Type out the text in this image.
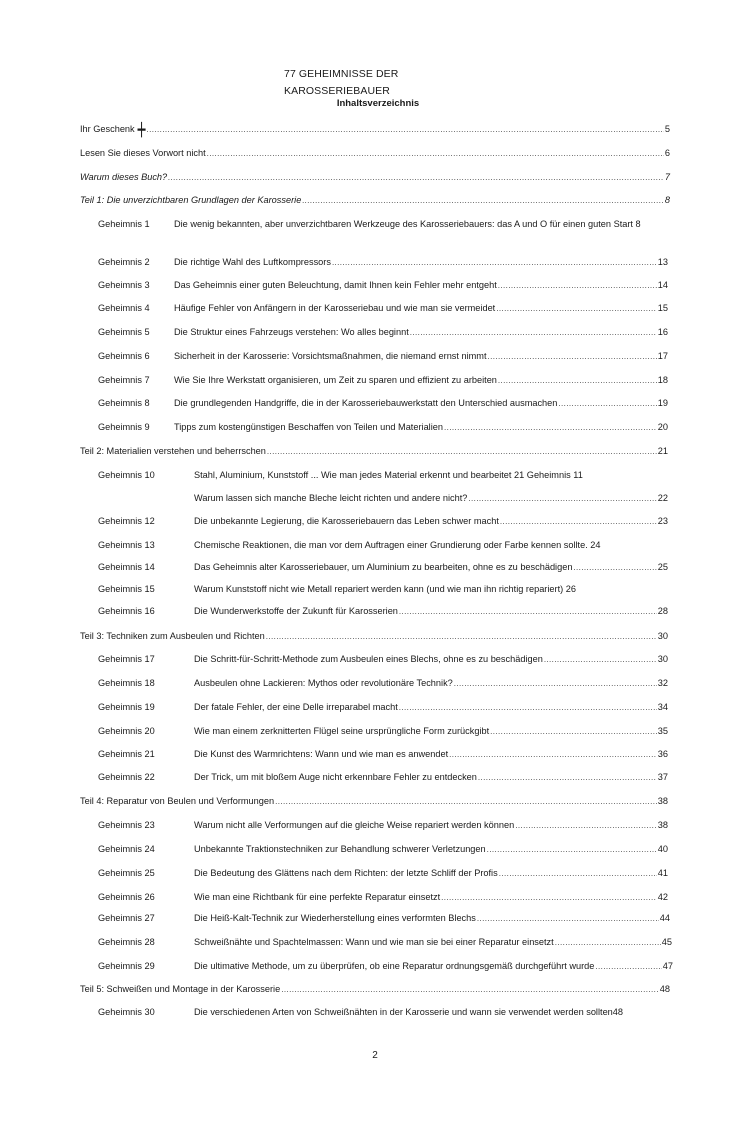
77 GEHEIMNISSE DER
KAROSSERIEBAUER
Inhaltsverzeichnis
Ihr Geschenk ┿ .....	5
Lesen Sie dieses Vorwort nicht .....	6
Warum dieses Buch? .....	7
Teil 1: Die unverzichtbaren Grundlagen der Karosserie .....	8
Geheimnis 1	Die wenig bekannten, aber unverzichtbaren Werkzeuge des Karosseriebauers: das A und O für einen guten Start 8
Geheimnis 2	Die richtige Wahl des Luftkompressors .....	13
Geheimnis 3	Das Geheimnis einer guten Beleuchtung, damit Ihnen kein Fehler mehr entgeht .....	14
Geheimnis 4	Häufige Fehler von Anfängern in der Karosseriebau und wie man sie vermeidet .....	15
Geheimnis 5	Die Struktur eines Fahrzeugs verstehen: Wo alles beginnt .....	16
Geheimnis 6	Sicherheit in der Karosserie: Vorsichtsmaßnahmen, die niemand ernst nimmt .....	17
Geheimnis 7	Wie Sie Ihre Werkstatt organisieren, um Zeit zu sparen und effizient zu arbeiten .....	18
Geheimnis 8	Die grundlegenden Handgriffe, die in der Karosseriebauwerkstatt den Unterschied ausmachen .....	19
Geheimnis 9	Tipps zum kostengünstigen Beschaffen von Teilen und Materialien .....	20
Teil 2: Materialien verstehen und beherrschen .....	21
Geheimnis 10	Stahl, Aluminium, Kunststoff ... Wie man jedes Material erkennt und bearbeitet 21 Geheimnis 11
Warum lassen sich manche Bleche leicht richten und andere nicht? .....	22
Geheimnis 12	Die unbekannte Legierung, die Karosseriebauern das Leben schwer macht .....	23
Geheimnis 13	Chemische Reaktionen, die man vor dem Auftragen einer Grundierung oder Farbe kennen sollte. 24
Geheimnis 14	Das Geheimnis alter Karosseriebauer, um Aluminium zu bearbeiten, ohne es zu beschädigen .....	25
Geheimnis 15	Warum Kunststoff nicht wie Metall repariert werden kann (und wie man ihn richtig repariert) 26
Geheimnis 16	Die Wunderwerkstoffe der Zukunft für Karosserien .....	28
Teil 3: Techniken zum Ausbeulen und Richten .....	30
Geheimnis 17	Die Schritt-für-Schritt-Methode zum Ausbeulen eines Blechs, ohne es zu beschädigen .....	30
Geheimnis 18	Ausbeulen ohne Lackieren: Mythos oder revolutionäre Technik? .....	32
Geheimnis 19	Der fatale Fehler, der eine Delle irreparabel macht .....	34
Geheimnis 20	Wie man einem zerknitterten Flügel seine ursprüngliche Form zurückgibt .....	35
Geheimnis 21	Die Kunst des Warmrichtens: Wann und wie man es anwendet .....	36
Geheimnis 22	Der Trick, um mit bloßem Auge nicht erkennbare Fehler zu entdecken .....	37
Teil 4: Reparatur von Beulen und Verformungen .....	38
Geheimnis 23	Warum nicht alle Verformungen auf die gleiche Weise repariert werden können .....	38
Geheimnis 24	Unbekannte Traktionstechniken zur Behandlung schwerer Verletzungen .....	40
Geheimnis 25	Die Bedeutung des Glättens nach dem Richten: der letzte Schliff der Profis .....	41
Geheimnis 26	Wie man eine Richtbank für eine perfekte Reparatur einsetzt .....	42
Geheimnis 27	Die Heiß-Kalt-Technik zur Wiederherstellung eines verformten Blechs .....	44
Geheimnis 28	Schweißnähte und Spachtelmassen: Wann und wie man sie bei einer Reparatur einsetzt .....	45
Geheimnis 29	Die ultimative Methode, um zu überprüfen, ob eine Reparatur ordnungsgemäß durchgeführt wurde .....	47
Teil 5: Schweißen und Montage in der Karosserie .....	48
Geheimnis 30	Die verschiedenen Arten von Schweißnähten in der Karosserie und wann sie verwendet werden sollten48
2
